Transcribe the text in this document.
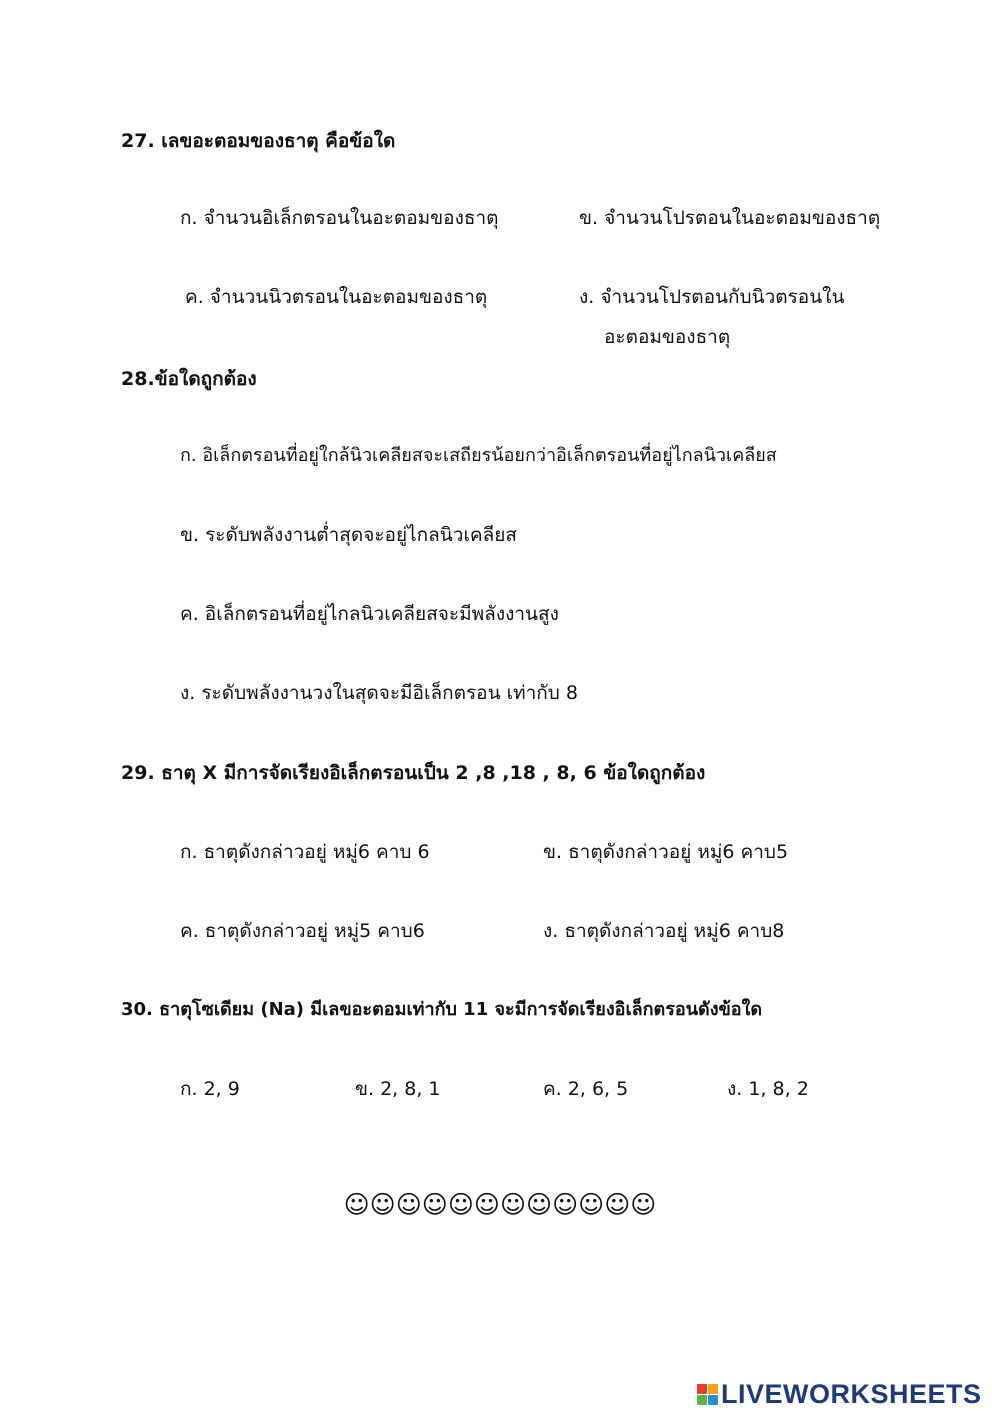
27. เลขอะตอมของธาตุ คือข้อใด
ก. จำนวนอิเล็กตรอนในอะตอมของธาตุ	ข. จำนวนโปรตอนในอะตอมของธาตุ
ค. จำนวนนิวตรอนในอะตอมของธาตุ	ง. จำนวนโปรตอนกับนิวตรอนใน
อะตอมของธาตุ
28.ข้อใดถูกต้อง
ก. อิเล็กตรอนที่อยู่ใกล้นิวเคลียสจะเสถียรน้อยกว่าอิเล็กตรอนที่อยู่ไกลนิวเคลียส
ข. ระดับพลังงานต่ำสุดจะอยู่ไกลนิวเคลียส
ค. อิเล็กตรอนที่อยู่ไกลนิวเคลียสจะมีพลังงานสูง
ง. ระดับพลังงานวงในสุดจะมีอิเล็กตรอน เท่ากับ 8
29. ธาตุ X มีการจัดเรียงอิเล็กตรอนเป็น 2 ,8 ,18 , 8, 6 ข้อใดถูกต้อง
ก. ธาตุดังกล่าวอยู่ หมู่6 คาบ 6	ข. ธาตุดังกล่าวอยู่ หมู่6 คาบ5
ค. ธาตุดังกล่าวอยู่ หมู่5 คาบ6	ง. ธาตุดังกล่าวอยู่ หมู่6 คาบ8
30. ธาตุโซเดียม (Na) มีเลขอะตอมเท่ากับ 11 จะมีการจัดเรียงอิเล็กตรอนดังข้อใด
ก. 2, 9	ข. 2, 8, 1	ค. 2, 6, 5	ง. 1, 8, 2
☺☺☺☺☺☺☺☺☺☺☺☺
LIVEWORKSHEETS
